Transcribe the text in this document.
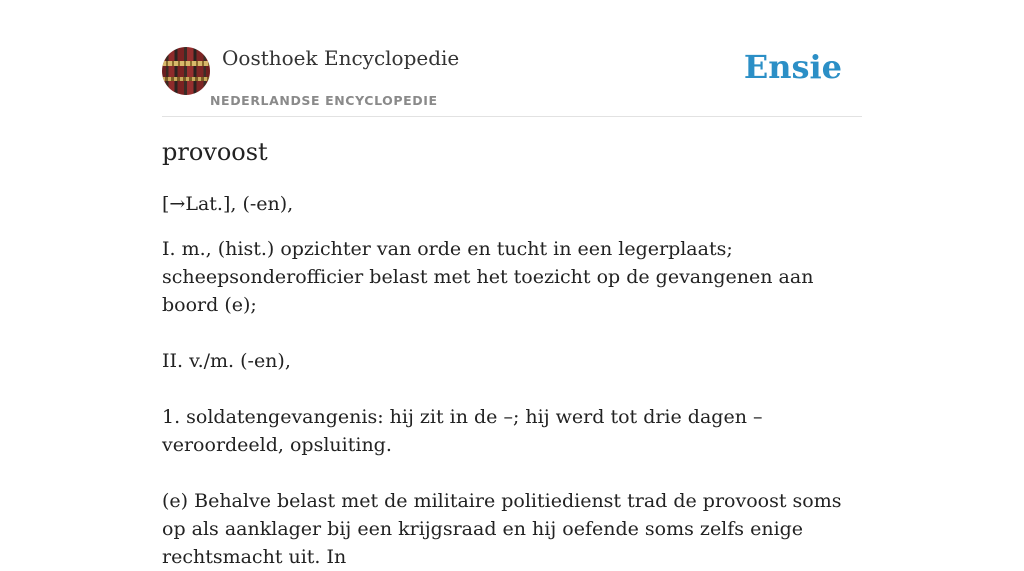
Oosthoek Encyclopedie
NEDERLANDSE ENCYCLOPEDIE
Ensie
provoost

[→Lat.], (-en),

I. m., (hist.) opzichter van orde en tucht in een legerplaats; scheepsonderofficier belast met het toezicht op de gevangenen aan boord (e);

II. v./m. (-en),

1. soldatengevangenis: hij zit in de –; hij werd tot drie dagen – veroordeeld, opsluiting.

(e) Behalve belast met de militaire politiedienst trad de provoost soms op als aanklager bij een krijgsraad en hij oefende soms zelfs enige rechtsmacht uit. In
